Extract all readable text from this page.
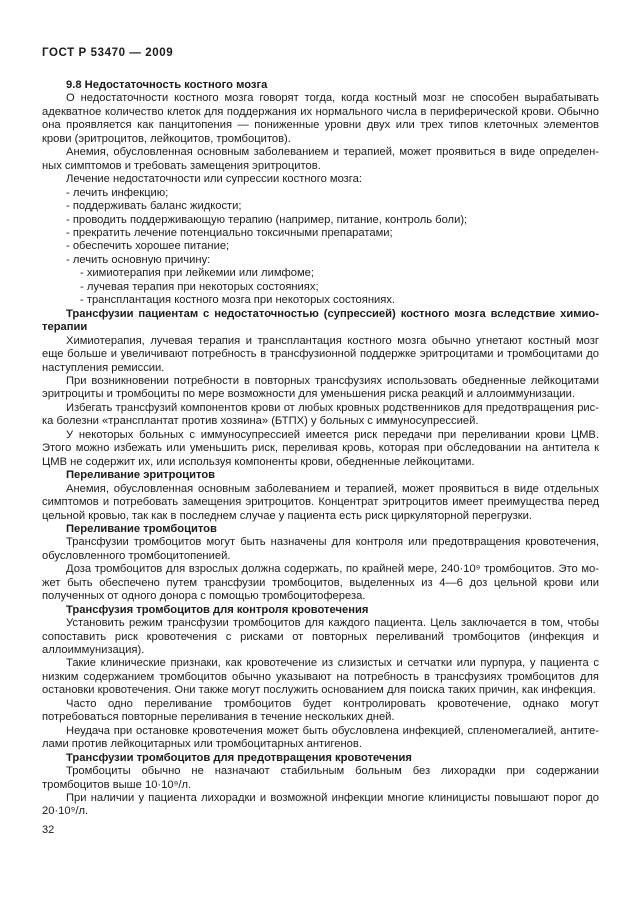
ГОСТ Р 53470 — 2009

9.8 Недостаточность костного мозга

О недостаточности костного мозга говорят тогда, когда костный мозг не способен вырабатывать адекватное количество клеток для поддержания их нормального числа в периферической крови. Обычно она проявляется как панцитопения — пониженные уровни двух или трех типов клеточных элементов крови (эритроцитов, лейкоцитов, тромбоцитов).

Анемия, обусловленная основным заболеванием и терапией, может проявиться в виде определенных симптомов и требовать замещения эритроцитов.

Лечение недостаточности или супрессии костного мозга:

- лечить инфекцию;

- поддерживать баланс жидкости;

- проводить поддерживающую терапию (например, питание, контроль боли);

- прекратить лечение потенциально токсичными препаратами;

- обеспечить хорошее питание;

- лечить основную причину:

- химиотерапия при лейкемии или лимфоме;

- лучевая терапия при некоторых состояниях;

- трансплантация костного мозга при некоторых состояниях.

Трансфузии пациентам с недостаточностью (супрессией) костного мозга вследствие химиотерапии

Химиотерапия, лучевая терапия и трансплантация костного мозга обычно угнетают костный мозг еще больше и увеличивают потребность в трансфузионной поддержке эритроцитами и тромбоцитами до наступления ремиссии.

При возникновении потребности в повторных трансфузиях использовать обедненные лейкоцитами эритроциты и тромбоциты по мере возможности для уменьшения риска реакций и аллоиммунизации.

Избегать трансфузий компонентов крови от любых кровных родственников для предотвращения риска болезни «трансплантат против хозяина» (БТПХ) у больных с иммуносупрессией.

У некоторых больных с иммуносупрессией имеется риск передачи при переливании крови ЦМВ. Этого можно избежать или уменьшить риск, переливая кровь, которая при обследовании на антитела к ЦМВ не содержит их, или используя компоненты крови, обедненные лейкоцитами.

Переливание эритроцитов

Анемия, обусловленная основным заболеванием и терапией, может проявиться в виде отдельных симптомов и потребовать замещения эритроцитов. Концентрат эритроцитов имеет преимущества перед цельной кровью, так как в последнем случае у пациента есть риск циркуляторной перегрузки.

Переливание тромбоцитов

Трансфузии тромбоцитов могут быть назначены для контроля или предотвращения кровотечения, обусловленного тромбоцитопенией.

Доза тромбоцитов для взрослых должна содержать, по крайней мере, 240·10⁹ тромбоцитов. Это может быть обеспечено путем трансфузии тромбоцитов, выделенных из 4—6 доз цельной крови или полученных от одного донора с помощью тромбоцитофереза.

Трансфузия тромбоцитов для контроля кровотечения

Установить режим трансфузии тромбоцитов для каждого пациента. Цель заключается в том, чтобы сопоставить риск кровотечения с рисками от повторных переливаний тромбоцитов (инфекция и аллоиммунизация).

Такие клинические признаки, как кровотечение из слизистых и сетчатки или пурпура, у пациента с низким содержанием тромбоцитов обычно указывают на потребность в трансфузиях тромбоцитов для остановки кровотечения. Они также могут послужить основанием для поиска таких причин, как инфекция.

Часто одно переливание тромбоцитов будет контролировать кровотечение, однако могут потребоваться повторные переливания в течение нескольких дней.

Неудача при остановке кровотечения может быть обусловлена инфекцией, спленомегалией, антителами против лейкоцитарных или тромбоцитарных антигенов.

Трансфузии тромбоцитов для предотвращения кровотечения

Тромбоциты обычно не назначают стабильным больным без лихорадки при содержании тромбоцитов выше 10·10⁹/л.

При наличии у пациента лихорадки и возможной инфекции многие клиницисты повышают порог до 20·10⁹/л.

32
